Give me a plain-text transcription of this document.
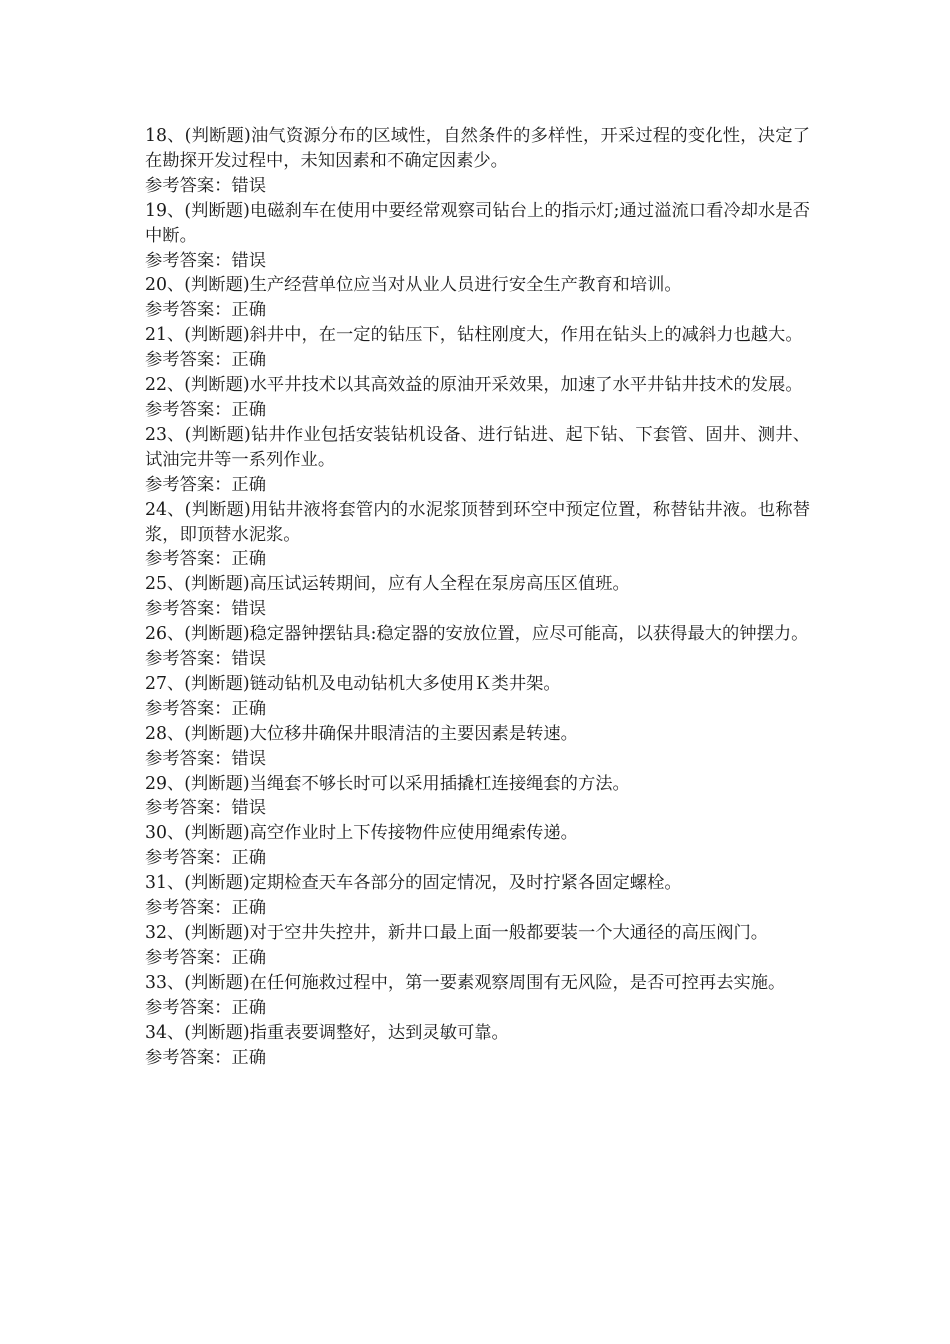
18、(判断题)油气资源分布的区域性，自然条件的多样性，开采过程的变化性，决定了在勘探开发过程中，未知因素和不确定因素少。

参考答案：错误

19、(判断题)电磁刹车在使用中要经常观察司钻台上的指示灯;通过溢流口看冷却水是否中断。

参考答案：错误

20、(判断题)生产经营单位应当对从业人员进行安全生产教育和培训。

参考答案：正确

21、(判断题)斜井中，在一定的钻压下，钻柱刚度大，作用在钻头上的减斜力也越大。

参考答案：正确

22、(判断题)水平井技术以其高效益的原油开采效果，加速了水平井钻井技术的发展。

参考答案：正确

23、(判断题)钻井作业包括安装钻机设备、进行钻进、起下钻、下套管、固井、测井、试油完井等一系列作业。

参考答案：正确

24、(判断题)用钻井液将套管内的水泥浆顶替到环空中预定位置，称替钻井液。也称替浆，即顶替水泥浆。

参考答案：正确

25、(判断题)高压试运转期间，应有人全程在泵房高压区值班。

参考答案：错误

26、(判断题)稳定器钟摆钻具:稳定器的安放位置，应尽可能高，以获得最大的钟摆力。

参考答案：错误

27、(判断题)链动钻机及电动钻机大多使用Ｋ类井架。

参考答案：正确

28、(判断题)大位移井确保井眼清洁的主要因素是转速。

参考答案：错误

29、(判断题)当绳套不够长时可以采用插撬杠连接绳套的方法。

参考答案：错误

30、(判断题)高空作业时上下传接物件应使用绳索传递。

参考答案：正确

31、(判断题)定期检查天车各部分的固定情况，及时拧紧各固定螺栓。

参考答案：正确

32、(判断题)对于空井失控井，新井口最上面一般都要装一个大通径的高压阀门。

参考答案：正确

33、(判断题)在任何施救过程中，第一要素观察周围有无风险，是否可控再去实施。

参考答案：正确

34、(判断题)指重表要调整好，达到灵敏可靠。

参考答案：正确
